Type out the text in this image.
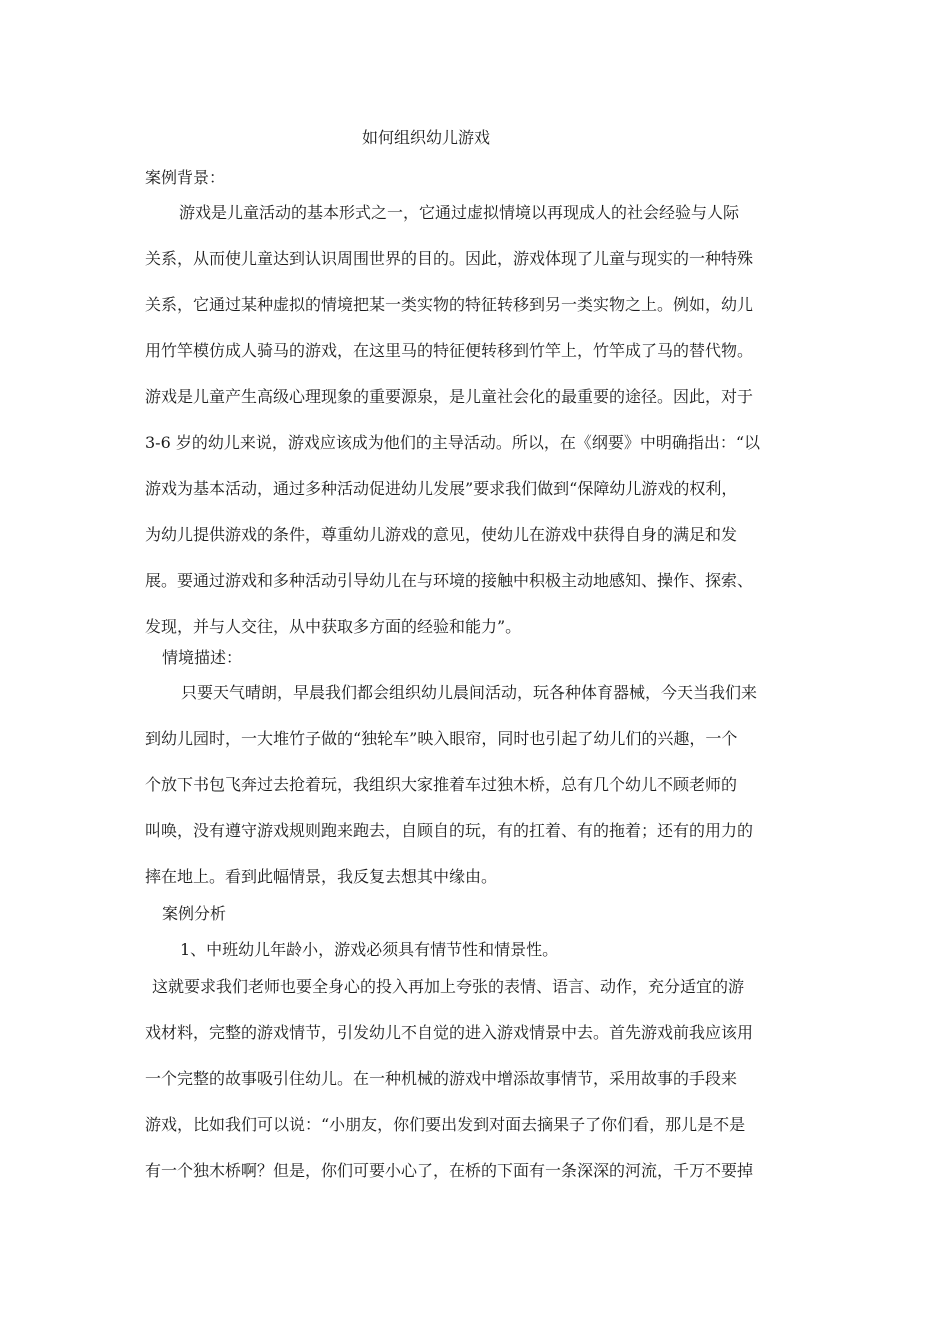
如何组织幼儿游戏
案例背景：
游戏是儿童活动的基本形式之一，它通过虚拟情境以再现成人的社会经验与人际
关系，从而使儿童达到认识周围世界的目的。因此，游戏体现了儿童与现实的一种特殊
关系，它通过某种虚拟的情境把某一类实物的特征转移到另一类实物之上。例如，幼儿
用竹竿模仿成人骑马的游戏，在这里马的特征便转移到竹竿上，竹竿成了马的替代物。
游戏是儿童产生高级心理现象的重要源泉，是儿童社会化的最重要的途径。因此，对于
3-6 岁的幼儿来说，游戏应该成为他们的主导活动。所以，在《纲要》中明确指出：“以
游戏为基本活动，通过多种活动促进幼儿发展”要求我们做到“保障幼儿游戏的权利，
为幼儿提供游戏的条件，尊重幼儿游戏的意见，使幼儿在游戏中获得自身的满足和发
展。要通过游戏和多种活动引导幼儿在与环境的接触中积极主动地感知、操作、探索、
发现，并与人交往，从中获取多方面的经验和能力”。
情境描述：
只要天气晴朗，早晨我们都会组织幼儿晨间活动，玩各种体育器械，今天当我们来
到幼儿园时，一大堆竹子做的“独轮车”映入眼帘，同时也引起了幼儿们的兴趣，一个
个放下书包飞奔过去抢着玩，我组织大家推着车过独木桥，总有几个幼儿不顾老师的
叫唤，没有遵守游戏规则跑来跑去，自顾自的玩，有的扛着、有的拖着；还有的用力的
摔在地上。看到此幅情景，我反复去想其中缘由。
案例分析
1、中班幼儿年龄小，游戏必须具有情节性和情景性。
这就要求我们老师也要全身心的投入再加上夸张的表情、语言、动作，充分适宜的游
戏材料，完整的游戏情节，引发幼儿不自觉的进入游戏情景中去。首先游戏前我应该用
一个完整的故事吸引住幼儿。在一种机械的游戏中增添故事情节，采用故事的手段来
游戏，比如我们可以说：“小朋友，你们要出发到对面去摘果子了你们看，那儿是不是
有一个独木桥啊？但是，你们可要小心了，在桥的下面有一条深深的河流，千万不要掉
